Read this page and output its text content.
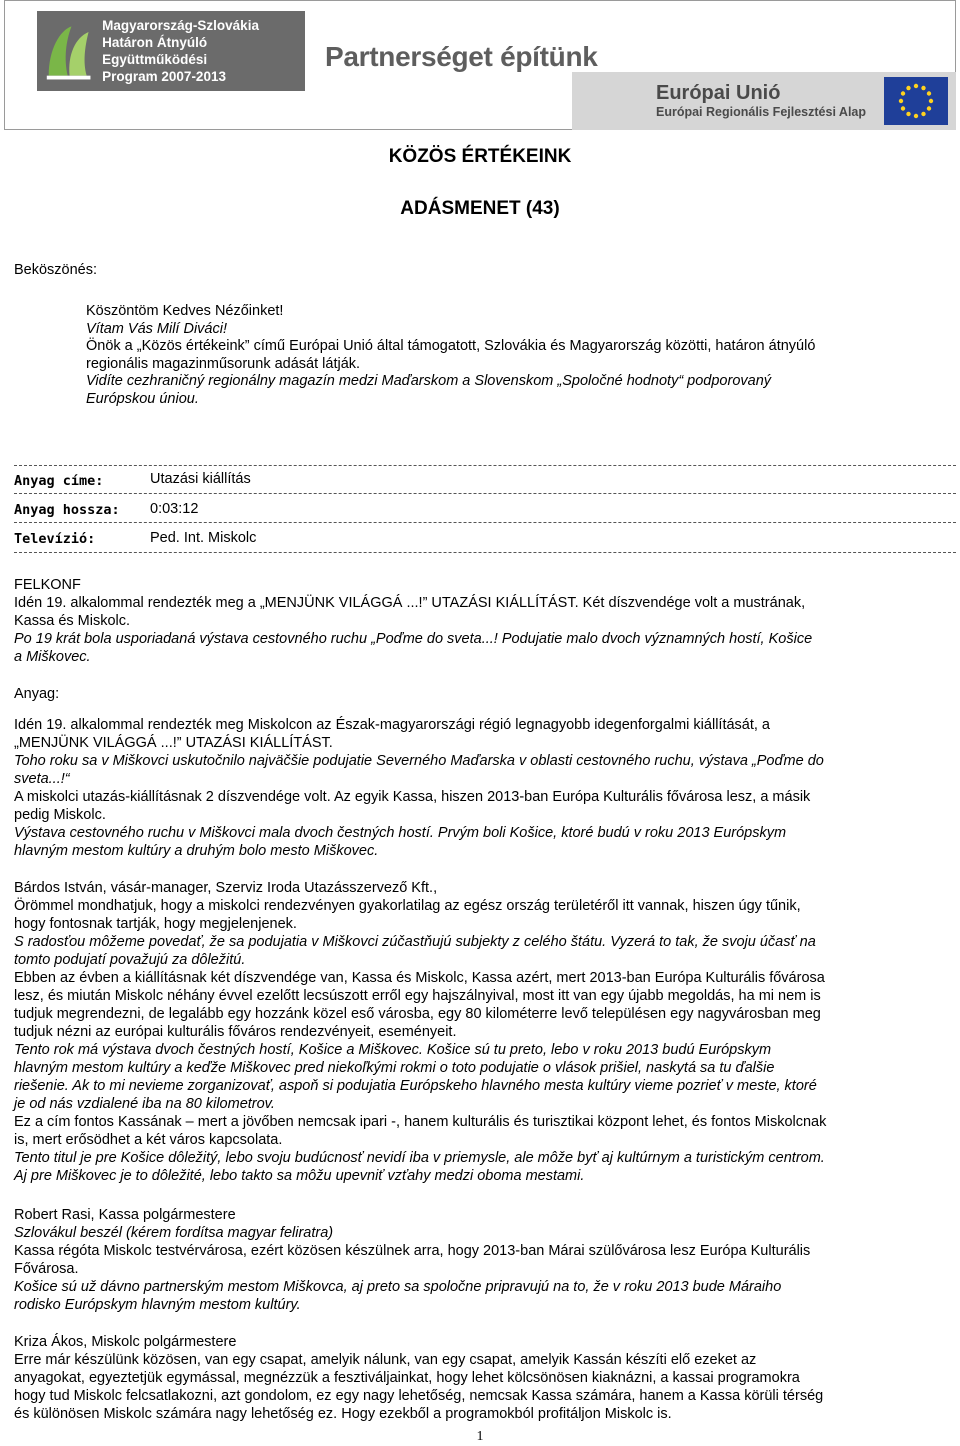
Magyarország-Szlovákia
Határon Átnyúló Együttműködési
Program 2007-2013
Partnerséget építünk
Európai Unió
Európai Regionális Fejlesztési Alap
KÖZÖS ÉRTÉKEINK
ADÁSMENET (43)
Beköszönés:
Köszöntöm Kedves Nézőinket!
Vítam Vás Milí Diváci!
Önök a „Közös értékeink” című Európai Unió által támogatott, Szlovákia és Magyarország közötti, határon átnyúló
regionális magazinműsorunk adását látják.
Vidíte cezhraničný regionálny magazín medzi Maďarskom a Slovenskom „Spoločné hodnoty“ podporovaný
Európskou úniou.
Anyag címe:	Utazási kiállítás
Anyag hossza: 0:03:12
Televízió:	Ped. Int. Miskolc
FELKONF
Idén 19. alkalommal rendezték meg a „MENJÜNK VILÁGGÁ ...!” UTAZÁSI KIÁLLÍTÁST. Két díszvendége volt a mustrának,
Kassa és Miskolc.
Po 19 krát bola usporiadaná výstava cestovného ruchu „Poďme do sveta...! Podujatie malo dvoch významných hostí, Košice
a Miškovec.
Anyag:
Idén 19. alkalommal rendezték meg Miskolcon az Észak-magyarországi régió legnagyobb idegenforgalmi kiállítását, a
„MENJÜNK VILÁGGÁ ...!” UTAZÁSI KIÁLLÍTÁST.
Toho roku sa v Miškovci uskutočnilo najväčšie podujatie Severného Maďarska v oblasti cestovného ruchu, výstava „Poďme do
sveta...!“
A miskolci utazás-kiállításnak 2 díszvendége volt. Az egyik Kassa, hiszen 2013-ban Európa Kulturális fővárosa lesz, a másik
pedig Miskolc.
Výstava cestovného ruchu v Miškovci mala dvoch čestných hostí. Prvým boli Košice, ktoré budú v roku 2013 Európskym
hlavným mestom kultúry a druhým bolo mesto Miškovec.
Bárdos István, vásár-manager, Szerviz Iroda Utazásszervező Kft.,
Örömmel mondhatjuk, hogy a miskolci rendezvényen gyakorlatilag az egész ország területéről itt vannak, hiszen úgy tűnik,
hogy fontosnak tartják, hogy megjelenjenek.
S radosťou môžeme povedať, že sa podujatia v Miškovci zúčastňujú subjekty z celého štátu. Vyzerá to tak, že svoju účasť na
tomto podujatí považujú za dôležitú.
Ebben az évben a kiállításnak két díszvendége van, Kassa és Miskolc, Kassa azért, mert 2013-ban Európa Kulturális fővárosa
lesz, és miután Miskolc néhány évvel ezelőtt lecsúszott erről egy hajszálnyival, most itt van egy újabb megoldás, ha mi nem is
tudjuk megrendezni, de legalább egy hozzánk közel eső városba, egy 80 kilométerre levő településen egy nagyvárosban meg
tudjuk nézni az európai kulturális főváros rendezvényeit, eseményeit.
Tento rok má výstava dvoch čestných hostí, Košice a Miškovec. Košice sú tu preto, lebo v roku 2013 budú Európskym
hlavným mestom kultúry a keďže Miškovec pred niekoľkými rokmi o toto podujatie o vlások prišiel, naskytá sa tu ďalšie
riešenie. Ak to mi nevieme zorganizovať, aspoň si podujatia Európskeho hlavného mesta kultúry vieme pozrieť v meste, ktoré
je od nás vzdialené iba na 80 kilometrov.
Ez a cím fontos Kassának – mert a jövőben nemcsak ipari -, hanem kulturális és turisztikai központ lehet, és fontos Miskolcnak
is, mert erősödhet a két város kapcsolata.
Tento titul je pre Košice dôležitý, lebo svoju budúcnosť nevidí iba v priemysle, ale môže byť aj kultúrnym a turistickým centrom.
Aj pre Miškovec je to dôležité, lebo takto sa môžu upevniť vzťahy medzi oboma mestami.
Robert Rasi, Kassa polgármestere
Szlovákul beszél (kérem fordítsa magyar feliratra)
Kassa régóta Miskolc testvérvárosa, ezért közösen készülnek arra, hogy 2013-ban Márai szülővárosa lesz Európa Kulturális
Fővárosa.
Košice sú už dávno partnerským mestom Miškovca, aj preto sa spoločne pripravujú na to, že v roku 2013 bude Máraiho
rodisko Európskym hlavným mestom kultúry.
Kriza Ákos, Miskolc polgármestere
Erre már készülünk közösen, van egy csapat, amelyik nálunk, van egy csapat, amelyik Kassán készíti elő ezeket az
anyagokat, egyeztetjük egymással, megnézzük a fesztiváljainkat, hogy lehet kölcsönösen kiaknázni, a kassai programokra
hogy tud Miskolc felcsatlakozni, azt gondolom, ez egy nagy lehetőség, nemcsak Kassa számára, hanem a Kassa körüli térség
és különösen Miskolc számára nagy lehetőség ez. Hogy ezekből a programokból profitáljon Miskolc is.
1
